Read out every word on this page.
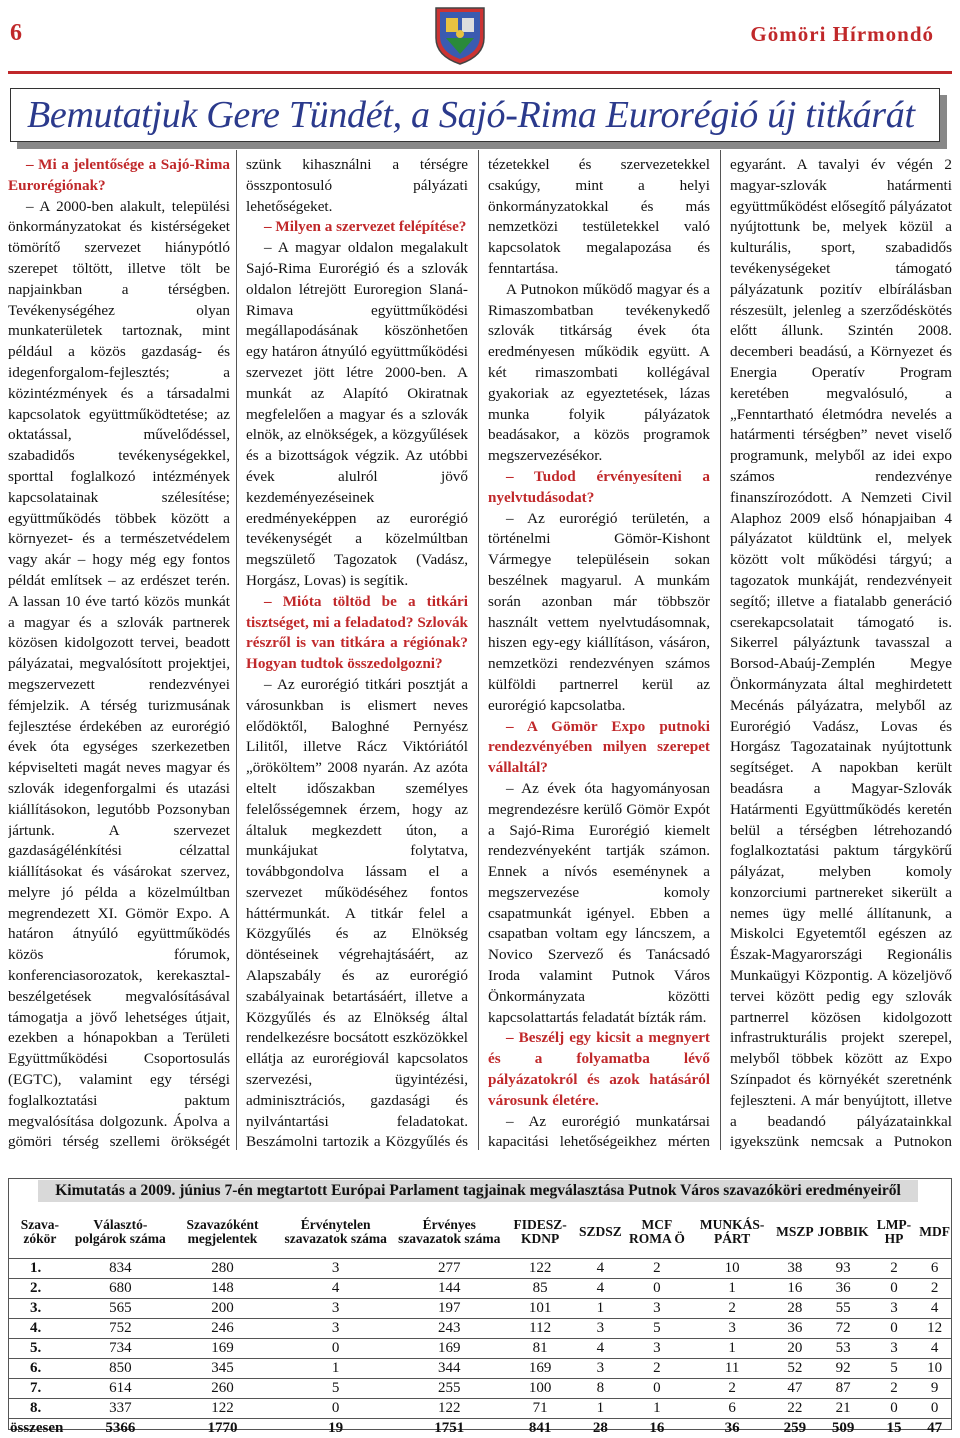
6	Gömöri Hírmondó
Bemutatjuk Gere Tündét, a Sajó-Rima Eurorégió új titkárát

– Mi a jelentősége a Sajó-Rima Eurorégiónak?

– A 2000-ben alakult, települési önkormányzatokat és kistérségeket tömörítő szervezet hiánypótló szerepet töltött, illetve tölt be napjainkban a térségben. Tevékenységéhez olyan munkaterületek tartoznak, mint például a közös gazdaság- és idegenforgalom-fejlesztés; a közintézmények és a társadalmi kapcsolatok együttműködtetése; az oktatással, művelődéssel, szabadidős tevékenységekkel, sporttal foglalkozó intézmények kapcsolatainak szélesítése; együttműködés többek között a környezet- és a természetvédelem vagy akár – hogy még egy fontos példát említsek – az erdészet terén. A lassan 10 éve tartó közös munkát a magyar és a szlovák partnerek közösen kidolgozott tervei, beadott pályázatai, megvalósított projektjei, megszervezett rendezvényei fémjelzik. A térség turizmusának fejlesztése érdekében az eurorégió évek óta egységes szerkezetben képviselteti magát neves magyar és szlovák idegenforgalmi és utazási kiállításokon, legutóbb Pozsonyban jártunk. A szervezet gazdaságélénkítési célzattal kiállításokat és vásárokat szervez, melyre jó példa a közelmúltban megrendezett XI. Gömör Expo. A határon átnyúló együttműködés közös fórumok, konferenciasorozatok, kerekasztal-beszélgetések megvalósításával támogatja a jövő lehetséges útjait, ezekben a hónapokban a Területi Együttműködési Csoportosulás (EGTC), valamint egy térségi foglalkoztatási paktum megvalósítása dolgozunk. Ápolva a gömöri térség szellemi örökségét

szünk kihasználni a térségre összpontosuló pályázati lehetőségeket.

– Milyen a szervezet felépítése?

– A magyar oldalon megalakult Sajó-Rima Eurorégió és a szlovák oldalon létrejött Euroregion Slaná-Rimava együttműködési megállapodásának köszönhetően egy határon átnyúló együttműködési szervezet jött létre 2000-ben. A munkát az Alapító Okiratnak megfelelően a magyar és a szlovák elnök, az elnökségek, a közgyűlések és a bizottságok végzik. Az utóbbi évek alulról jövő kezdeményezéseinek eredményeképpen az eurorégió tevékenységét a közelmúltban megszülető Tagozatok (Vadász, Horgász, Lovas) is segítik.

– Mióta töltöd be a titkári tisztséget, mi a feladatod? Szlovák részről is van titkára a régiónak? Hogyan tudtok összedolgozni?

– Az eurorégió titkári posztját a városunkban is elismert neves elődöktől, Baloghné Pernyész Lilitől, illetve Rácz Viktóriától „örököltem” 2008 nyarán. Az azóta eltelt időszakban személyes felelősségemnek érzem, hogy az általuk megkezdett úton, a munkájukat folytatva, továbbgondolva lássam el a szervezet működéséhez fontos háttérmunkát. A titkár felel a Közgyűlés és az Elnökség döntéseinek végrehajtásáért, az Alapszabály és az eurorégió szabályainak betartásáért, illetve a Közgyűlés és az Elnökség által rendelkezésre bocsátott eszközökkel ellátja az eurorégiovál kapcsolatos szervezési, ügyintézési, adminisztrációs, gazdasági és nyilvántartási feladatokat. Beszámolni tartozik a Közgyűlés és

tézetekkel és szervezetekkel csakúgy, mint a helyi önkormányzatokkal és más nemzetközi testületekkel való kapcsolatok megalapozása és fenntartása.

A Putnokon működő magyar és a Rimaszombatban tevékenykedő szlovák titkárság évek óta eredményesen működik együtt. A két rimaszombati kollégával gyakoriak az egyeztetések, lázas munka folyik pályázatok beadásakor, a közös programok megszervezésékor.

– Tudod érvényesíteni a nyelvtudásodat?

– Az eurorégió területén, a történelmi Gömör-Kishont Vármegye településein sokan beszélnek magyarul. A munkám során azonban már többször használt vettem nyelvtudásomnak, hiszen egy-egy kiállításon, vásáron, nemzetközi rendezvényen számos külföldi partnerrel kerül az eurorégió kapcsolatba.

– A Gömör Expo putnoki rendezvényében milyen szerepet vállaltál?

– Az évek óta hagyományosan megrendezésre kerülő Gömör Expót a Sajó-Rima Eurorégió kiemelt rendezvényeként tartják számon. Ennek a nívós eseménynek a megszervezése komoly csapatmunkát igényel. Ebben a csapatban voltam egy láncszem, a Novico Szervező és Tanácsadó Iroda valamint Putnok Város Önkormányzata közötti kapcsolattartás feladatát bízták rám.

– Beszélj egy kicsit a megnyert és a folyamatba lévő pályázatokról és azok hatásáról városunk életére.

– Az eurorégió munkatársai kapacitási lehetőségeikhez mérten

egyaránt. A tavalyi év végén 2 magyar-szlovák határmenti együttműködést elősegítő pályázatot nyújtottunk be, melyek közül a kulturális, sport, szabadidős tevékenységeket támogató pályázatunk pozitív elbírálásban részesült, jelenleg a szerződéskötés előtt állunk. Szintén 2008. decemberi beadású, a Környezet és Energia Operatív Program keretében megvalósuló, a „Fenntartható életmódra nevelés a határmenti térségben” nevet viselő programunk, melyből az idei expo számos rendezvénye finanszírozódott. A Nemzeti Civil Alaphoz 2009 első hónapjaiban 4 pályázatot küldtünk el, melyek között volt működési tárgyú; a tagozatok munkáját, rendezvényeit segítő; illetve a fiatalabb generáció cserekapcsolatait támogató is. Sikerrel pályáztunk tavasszal a Borsod-Abaúj-Zemplén Megye Önkormányzata által meghirdetett Mecénás pályázatra, melyből az Eurorégió Vadász, Lovas és Horgász Tagozatainak nyújtottunk segítséget. A napokban került beadásra a Magyar-Szlovák Határmenti Együttműködés keretén belül a térségben létrehozandó foglalkoztatási paktum tárgykörű pályázat, melyben komoly konzorciumi partnereket sikerült a nemes ügy mellé állítanunk, a Miskolci Egyetemtől egészen az Észak-Magyarországi Regionális Munkaügyi Központig. A közeljövő tervei között pedig egy szlovák partnerrel közösen kidolgozott infrastrukturális projekt szerepel, melyből többek között az Expo Színpadot és környékét szeretnénk fejleszteni. A már benyújtott, illetve a beadandó pályázatainkkal igyekszünk nemcsak a Putnokon

Kimutatás a 2009. június 7-én megtartott Európai Parlament tagjainak megválasztása Putnok Város szavazóköri eredményeiről
Szava-zókör	Választó-polgárok száma	Szavazóként megjelentek	Érvénytelen szavazatok száma	Érvényes szavazatok száma	FIDESZ-KDNP	SZDSZ	MCF ROMA Ö	MUNKÁS-PÁRT	MSZP	JOBBIK	LMP-HP	MDF
1.	834	280	3	277	122	4	2	10	38	93	2	6
2.	680	148	4	144	85	4	0	1	16	36	0	2
3.	565	200	3	197	101	1	3	2	28	55	3	4
4.	752	246	3	243	112	3	5	3	36	72	0	12
5.	734	169	0	169	81	4	3	1	20	53	3	4
6.	850	345	1	344	169	3	2	11	52	92	5	10
7.	614	260	5	255	100	8	0	2	47	87	2	9
8.	337	122	0	122	71	1	1	6	22	21	0	0
összesen	5366	1770	19	1751	841	28	16	36	259	509	15	47
